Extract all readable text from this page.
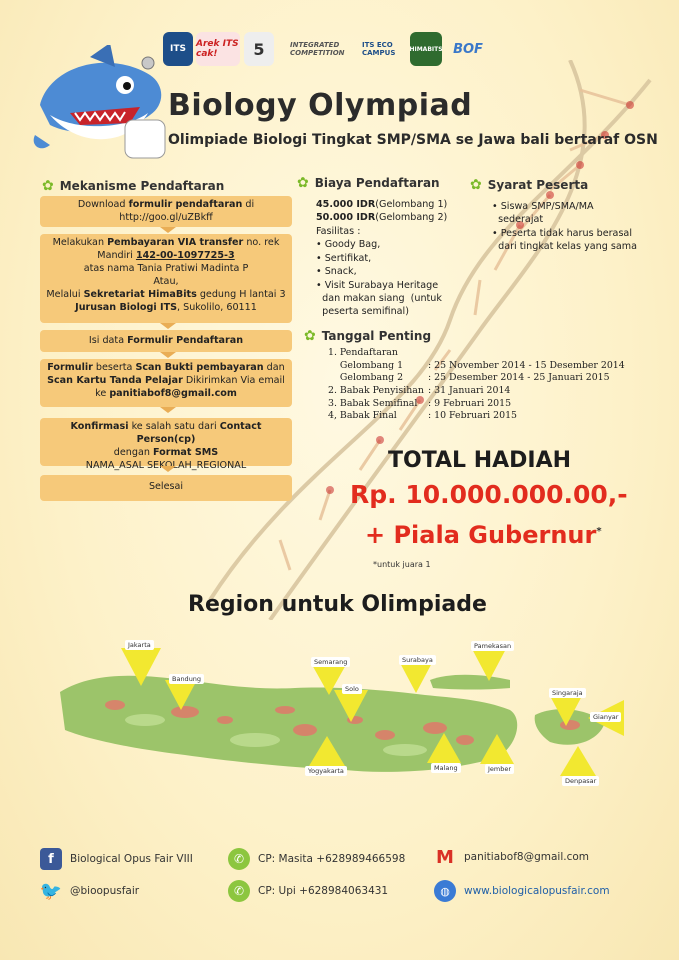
ITS	Arek ITS cak!	5	INTEGRATED COMPETITION
ITS ECO CAMPUS	HIMABITS BOF
Biology Olympiad
Olimpiade Biologi Tingkat SMP/SMA se Jawa bali bertaraf OSN
✿ Mekanisme Pendaftaran
Download formulir pendaftaran di
http://goo.gl/uZBkff
Melakukan Pembayaran VIA transfer no. rek
Mandiri 142-00-1097725-3
atas nama Tania Pratiwi Madinta P
Atau,
Melalui Sekretariat HimaBits gedung H lantai 3
Jurusan Biologi ITS, Sukolilo, 60111
Isi data Formulir Pendaftaran
Formulir beserta Scan Bukti pembayaran dan
Scan Kartu Tanda Pelajar Dikirimkan Via email
ke panitiabof8@gmail.com
Konfirmasi ke salah satu dari Contact Person(cp)
dengan Format SMS
NAMA_ASAL SEKOLAH_REGIONAL
Selesai
✿ Biaya Pendaftaran
45.000 IDR(Gelombang 1)
50.000 IDR(Gelombang 2)
Fasilitas :
• Goody Bag,
• Sertifikat,
• Snack,
• Visit Surabaya Heritage
dan makan siang  (untuk
peserta semifinal)
✿ Syarat Peserta
• Siswa SMP/SMA/MA
sederajat
• Peserta tidak harus berasal
dari tingkat kelas yang sama
✿ Tanggal Penting
1. Pendaftaran
Gelombang 1	: 25 November 2014 - 15 Desember 2014
Gelombang 2	: 25 Desember 2014 - 25 Januari 2015
2. Babak Penyisihan : 31 Januari 2014
3. Babak Semifinal	: 9 Februari 2015
4, Babak Final	: 10 Februari 2015
TOTAL HADIAH
Rp. 10.000.000.00,-
+ Piala Gubernur*
*untuk juara 1
Region untuk Olimpiade
Jakarta
Bandung
Semarang
Solo
Yogyakarta
Surabaya
Pamekasan
Malang	Jember
Singaraja
Gianyar
Denpasar
f	Biological Opus Fair VIII
🐦 @bioopusfair
✆	CP: Masita +628989466598
✆	CP: Upi +628984063431
M panitiabof8@gmail.com
◍	www.biologicalopusfair.com
